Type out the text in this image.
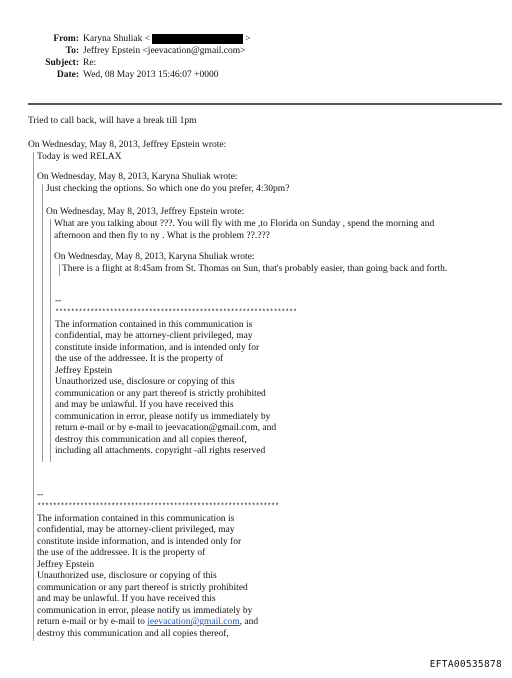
From: Karyna Shuliak <	>
To: Jeffrey Epstein <jeevacation@gmail.com>
Subject: Re:
Date: Wed, 08 May 2013 15:46:07 +0000
Tried to call back, will have a break till 1pm
On Wednesday, May 8, 2013, Jeffrey Epstein wrote:
Today is wed RELAX
On Wednesday, May 8, 2013, Karyna Shuliak wrote:
Just checking the options. So which one do you prefer, 4:30pm?
On Wednesday, May 8, 2013, Jeffrey Epstein wrote:
What are you talking about ???. You will fly with me ,to Florida on Sunday , spend the morning and
afternoon and then fly to ny . What is the problem ??.???
On Wednesday, May 8, 2013, Karyna Shuliak wrote:
There is a flight at 8:45am from St. Thomas on Sun, that's probably easier, than going back and forth.
--
**************************************************************
The information contained in this communication is
confidential, may be attorney-client privileged, may
constitute inside information, and is intended only for
the use of the addressee. It is the property of
Jeffrey Epstein
Unauthorized use, disclosure or copying of this
communication or any part thereof is strictly prohibited
and may be unlawful. If you have received this
communication in error, please notify us immediately by
return e-mail or by e-mail to jeevacation@gmail.com, and
destroy this communication and all copies thereof,
including all attachments. copyright -all rights reserved
--
**************************************************************
The information contained in this communication is
confidential, may be attorney-client privileged, may
constitute inside information, and is intended only for
the use of the addressee. It is the property of
Jeffrey Epstein
Unauthorized use, disclosure or copying of this
communication or any part thereof is strictly prohibited
and may be unlawful. If you have received this
communication in error, please notify us immediately by
return e-mail or by e-mail to jeevacation@gmail.com, and
destroy this communication and all copies thereof,
EFTA00535878
